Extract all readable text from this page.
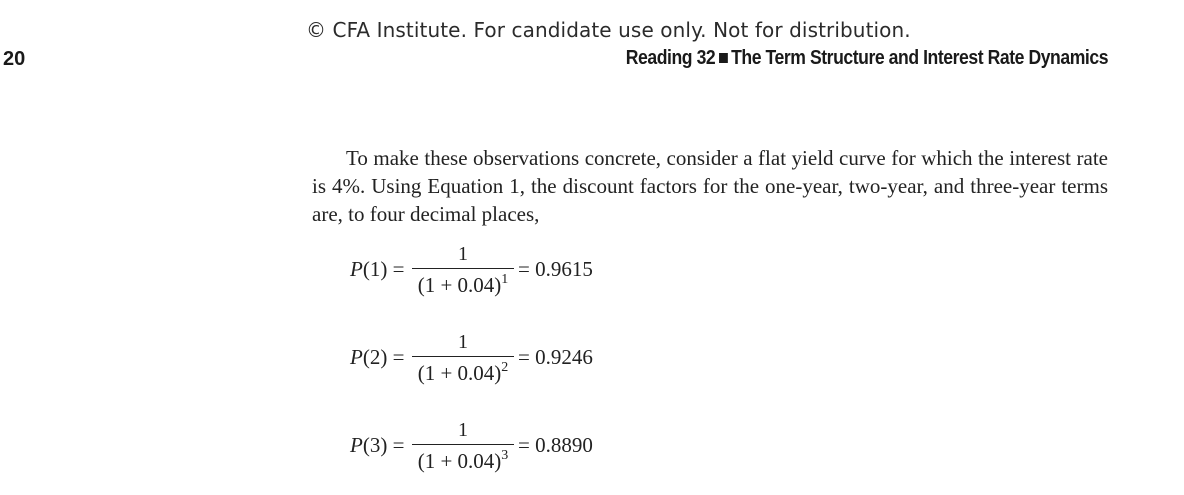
© CFA Institute. For candidate use only. Not for distribution.
20	Reading 32 The Term Structure and Interest Rate Dynamics

To make these observations concrete, consider a flat yield curve for which the interest rate is 4%. Using Equation 1, the discount factors for the one-year, two-year, and three-year terms are, to four decimal places,

P(1) =
1
$(1 + 0.04)^1 = 0.9615$
P(2) =
1
$(1 + 0.04)^2 = 0.9246$
P(3) =
1
$(1 + 0.04)^3 = 0.8890$
